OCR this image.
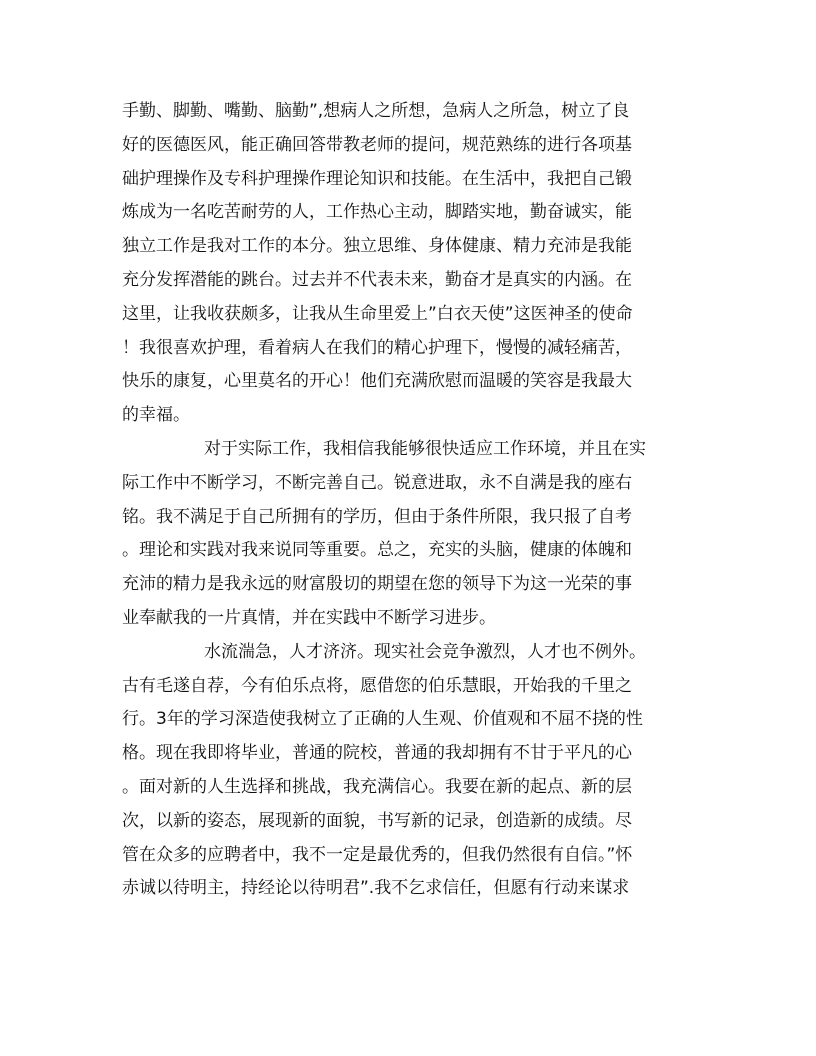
手勤、脚勤、嘴勤、脑勤”,想病人之所想，急病人之所急，树立了良
好的医德医风，能正确回答带教老师的提问，规范熟练的进行各项基
础护理操作及专科护理操作理论知识和技能。在生活中，我把自己锻
炼成为一名吃苦耐劳的人，工作热心主动，脚踏实地，勤奋诚实，能
独立工作是我对工作的本分。独立思维、身体健康、精力充沛是我能
充分发挥潜能的跳台。过去并不代表未来，勤奋才是真实的内涵。在
这里，让我收获颇多，让我从生命里爱上”白衣天使”这医神圣的使命
！我很喜欢护理，看着病人在我们的精心护理下，慢慢的减轻痛苦，
快乐的康复，心里莫名的开心！他们充满欣慰而温暖的笑容是我最大
的幸福。
对于实际工作，我相信我能够很快适应工作环境，并且在实
际工作中不断学习，不断完善自己。锐意进取，永不自满是我的座右
铭。我不满足于自己所拥有的学历，但由于条件所限，我只报了自考
。理论和实践对我来说同等重要。总之，充实的头脑，健康的体魄和
充沛的精力是我永远的财富殷切的期望在您的领导下为这一光荣的事
业奉献我的一片真情，并在实践中不断学习进步。
水流湍急，人才济济。现实社会竞争激烈，人才也不例外。
古有毛遂自荐，今有伯乐点将，愿借您的伯乐慧眼，开始我的千里之
行。3年的学习深造使我树立了正确的人生观、价值观和不屈不挠的性
格。现在我即将毕业，普通的院校，普通的我却拥有不甘于平凡的心
。面对新的人生选择和挑战，我充满信心。我要在新的起点、新的层
次，以新的姿态，展现新的面貌，书写新的记录，创造新的成绩。尽
管在众多的应聘者中，我不一定是最优秀的，但我仍然很有自信。”怀
赤诚以待明主，持经论以待明君”.我不乞求信任，但愿有行动来谋求
